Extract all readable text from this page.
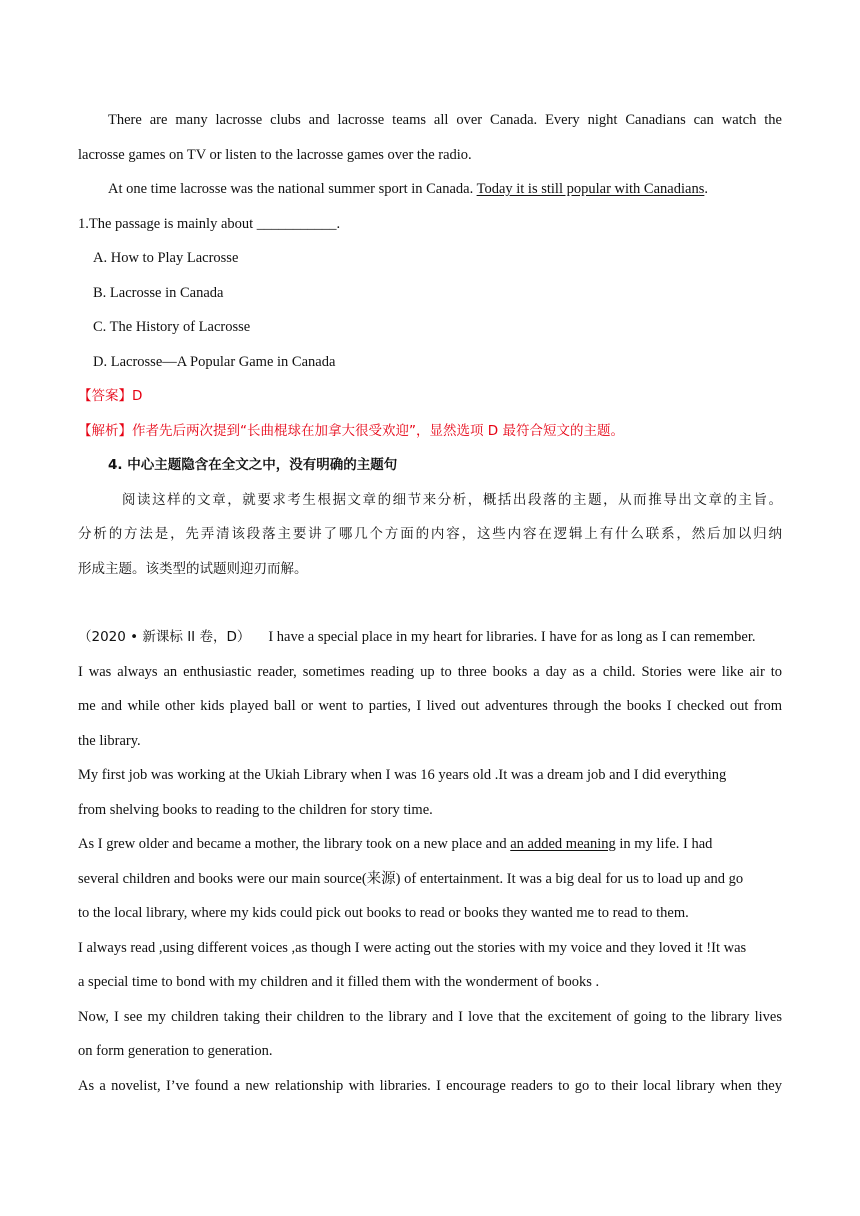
There are many lacrosse clubs and lacrosse teams all over Canada. Every night Canadians can watch the
lacrosse games on TV or listen to the lacrosse games over the radio.
At one time lacrosse was the national summer sport in Canada. Today it is still popular with Canadians.
1.The passage is mainly about ___________.
A. How to Play Lacrosse
B. Lacrosse in Canada
C. The History of Lacrosse
D. Lacrosse—A Popular Game in Canada
【答案】D
【解析】作者先后两次提到“长曲棍球在加拿大很受欢迎”，显然选项 D 最符合短文的主题。
4. 中心主题隐含在全文之中，没有明确的主题句
阅读这样的文章，就要求考生根据文章的细节来分析，概括出段落的主题，从而推导出文章的主旨。
分析的方法是，先弄清该段落主要讲了哪几个方面的内容，这些内容在逻辑上有什么联系，然后加以归纳
形成主题。该类型的试题则迎刃而解。
（2020 • 新课标 II 卷，D） I have a special place in my heart for libraries. I have for as long as I can remember.
I was always an enthusiastic reader, sometimes reading up to three books a day as a child. Stories were like air to
me and while other kids played ball or went to parties, I lived out adventures through the books I checked out from
the library.
My first job was working at the Ukiah Library when I was 16 years old .It was a dream job and I did everything
from shelving books to reading to the children for story time.
As I grew older and became a mother, the library took on a new place and an added meaning in my life. I had
several children and books were our main source(来源) of entertainment. It was a big deal for us to load up and go
to the local library, where my kids could pick out books to read or books they wanted me to read to them.
I always read ,using different voices ,as though I were acting out the stories with my voice and they loved it !It was
a special time to bond with my children and it filled them with the wonderment of books .
Now, I see my children taking their children to the library and I love that the excitement of going to the library lives
on form generation to generation.
As a novelist, I’ve found a new relationship with libraries. I encourage readers to go to their local library when they
